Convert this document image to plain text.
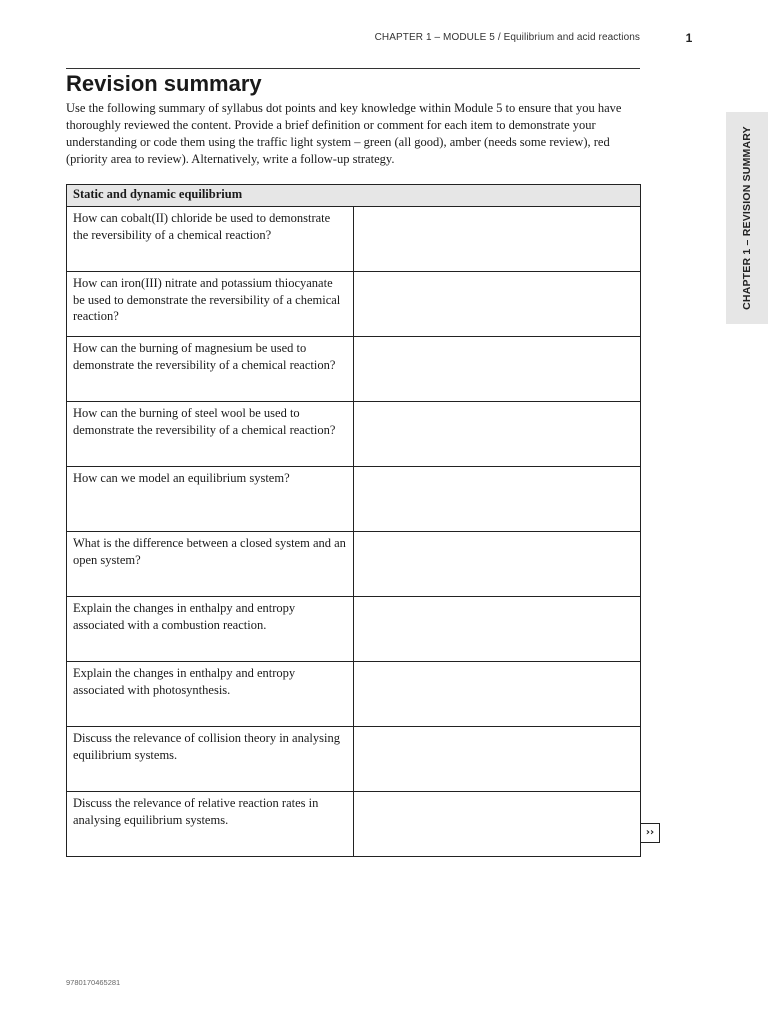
CHAPTER 1 – MODULE 5 / Equilibrium and acid reactions	1
Revision summary

Use the following summary of syllabus dot points and key knowledge within Module 5 to ensure that you have thoroughly reviewed the content. Provide a brief definition or comment for each item to demonstrate your understanding or code them using the traffic light system – green (all good), amber (needs some review), red (priority area to review). Alternatively, write a follow-up strategy.	CHAPTER 1 – REVISION SUMMARY
Static and dynamic equilibrium	
How can cobalt(II) chloride be used to demonstrate the reversibility of a chemical reaction?	
How can iron(III) nitrate and potassium thiocyanate be used to demonstrate the reversibility of a chemical reaction?	
How can the burning of magnesium be used to demonstrate the reversibility of a chemical reaction?	
How can the burning of steel wool be used to demonstrate the reversibility of a chemical reaction?	
How can we model an equilibrium system?	
What is the difference between a closed system and an open system?	
Explain the changes in enthalpy and entropy associated with a combustion reaction.	
Explain the changes in enthalpy and entropy associated with photosynthesis.	
Discuss the relevance of collision theory in analysing equilibrium systems.	
Discuss the relevance of relative reaction rates in analysing equilibrium systems.	
››
9780170465281
